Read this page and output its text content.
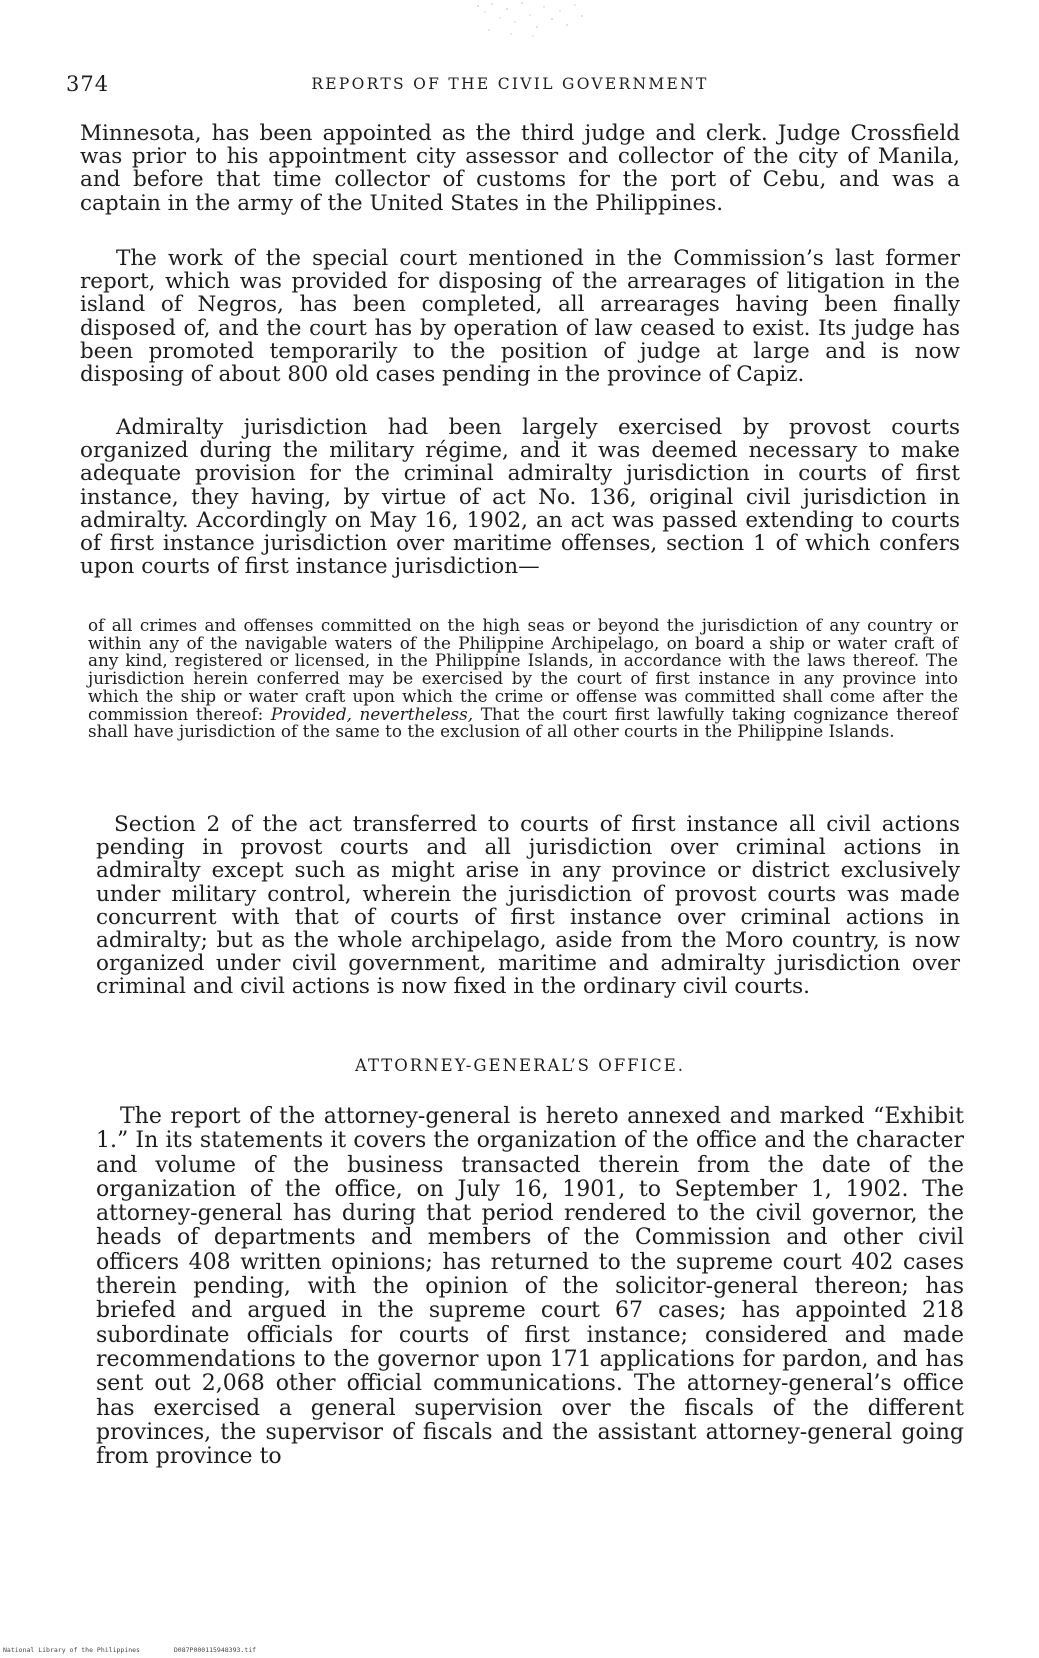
374	REPORTS OF THE CIVIL GOVERNMENT
Minnesota, has been appointed as the third judge and clerk. Judge Crossfield was prior to his appointment city assessor and collector of the city of Manila, and before that time collector of customs for the port of Cebu, and was a captain in the army of the United States in the Philippines.
The work of the special court mentioned in the Commission’s last former report, which was provided for disposing of the arrearages of litigation in the island of Negros, has been completed, all arrearages having been finally disposed of, and the court has by operation of law ceased to exist. Its judge has been promoted temporarily to the position of judge at large and is now disposing of about 800 old cases pending in the province of Capiz.
Admiralty jurisdiction had been largely exercised by provost courts organized during the military régime, and it was deemed necessary to make adequate provision for the criminal admiralty jurisdiction in courts of first instance, they having, by virtue of act No. 136, original civil jurisdiction in admiralty. Accordingly on May 16, 1902, an act was passed extending to courts of first instance jurisdiction over maritime offenses, section 1 of which confers upon courts of first instance jurisdiction—
of all crimes and offenses committed on the high seas or beyond the jurisdiction of any country or within any of the navigable waters of the Philippine Archipelago, on board a ship or water craft of any kind, registered or licensed, in the Philippine Islands, in accordance with the laws thereof. The jurisdiction herein conferred may be exercised by the court of first instance in any province into which the ship or water craft upon which the crime or offense was committed shall come after the commission thereof: Provided, nevertheless, That the court first lawfully taking cognizance thereof shall have jurisdiction of the same to the exclusion of all other courts in the Philippine Islands.
Section 2 of the act transferred to courts of first instance all civil actions pending in provost courts and all jurisdiction over criminal actions in admiralty except such as might arise in any province or district exclusively under military control, wherein the jurisdiction of provost courts was made concurrent with that of courts of first instance over criminal actions in admiralty; but as the whole archipelago, aside from the Moro country, is now organized under civil government, maritime and admiralty jurisdiction over criminal and civil actions is now fixed in the ordinary civil courts.
ATTORNEY-GENERAL’S OFFICE.
The report of the attorney-general is hereto annexed and marked “Exhibit 1.” In its statements it covers the organization of the office and the character and volume of the business transacted therein from the date of the organization of the office, on July 16, 1901, to September 1, 1902. The attorney-general has during that period rendered to the civil governor, the heads of departments and members of the Commission and other civil officers 408 written opinions; has returned to the supreme court 402 cases therein pending, with the opinion of the solicitor-general thereon; has briefed and argued in the supreme court 67 cases; has appointed 218 subordinate officials for courts of first instance; considered and made recommendations to the governor upon 171 applications for pardon, and has sent out 2,068 other official communications. The attorney-general’s office has exercised a general supervision over the fiscals of the different provinces, the supervisor of fiscals and the assistant attorney-general going from province to
National Library of the Philippines	D087P000115948393.tif
